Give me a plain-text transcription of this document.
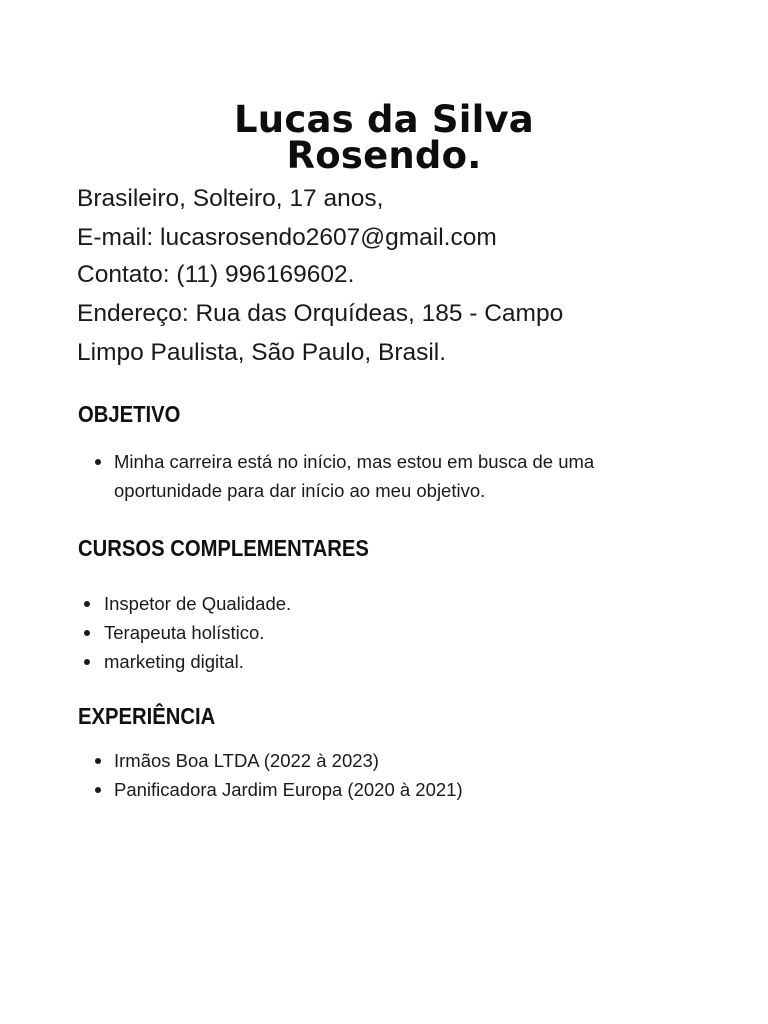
Lucas da Silva
Rosendo.

Brasileiro, Solteiro, 17 anos,

E-mail: lucasrosendo2607@gmail.com

Contato: (11) 996169602.

Endereço: Rua das Orquídeas, 185 - Campo

Limpo Paulista, São Paulo, Brasil.

OBJETIVO
Minha carreira está no início, mas estou em busca de uma
oportunidade para dar início ao meu objetivo.
CURSOS COMPLEMENTARES
Inspetor de Qualidade.
Terapeuta holístico.
marketing digital.
EXPERIÊNCIA
Irmãos Boa LTDA (2022 à 2023)
Panificadora Jardim Europa (2020 à 2021)
